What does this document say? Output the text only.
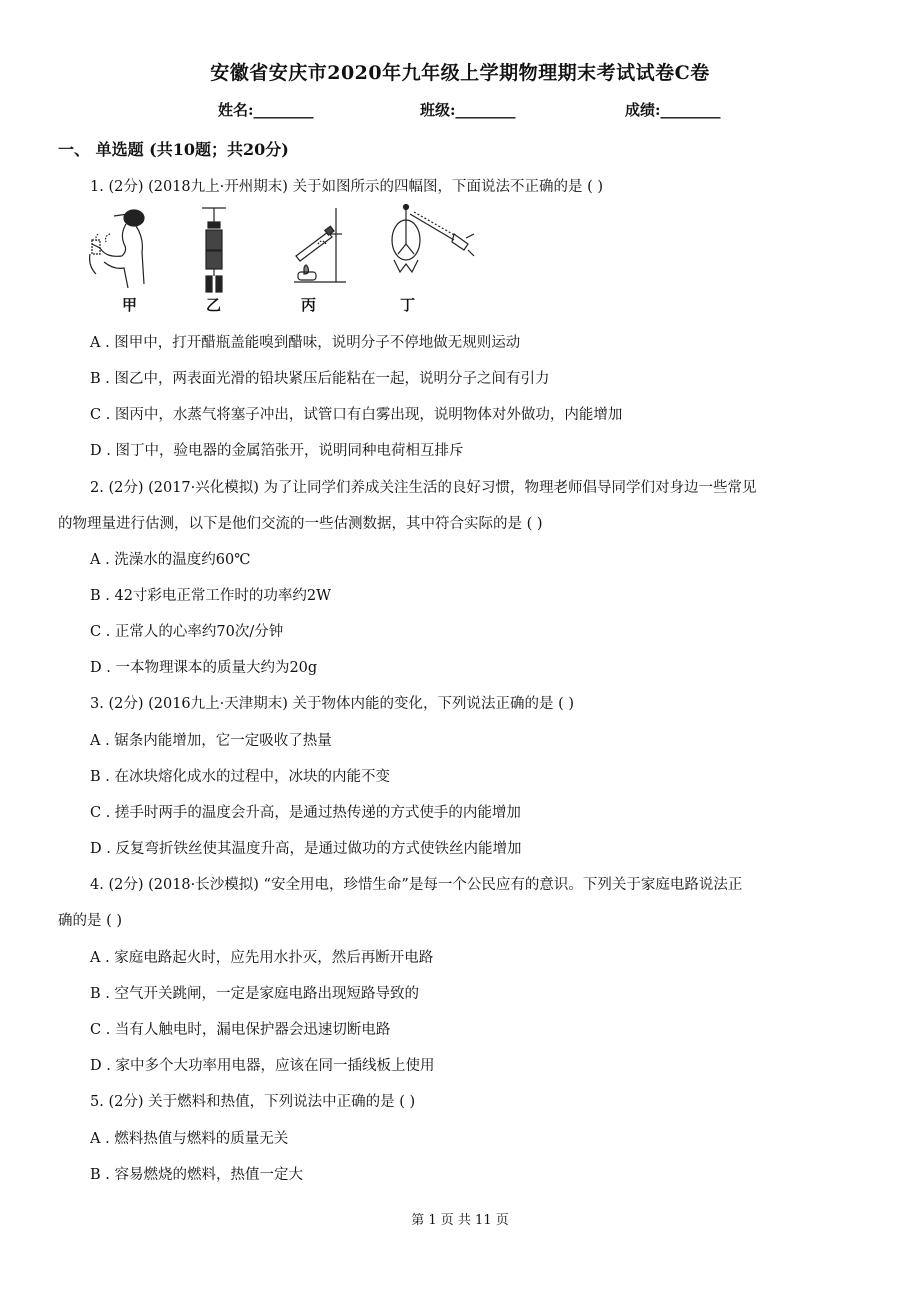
安徽省安庆市2020年九年级上学期物理期末考试试卷C卷
姓名:________	班级:________	成绩:________
一、 单选题 (共10题；共20分)
1. (2分) (2018九上·开州期末) 关于如图所示的四幅图，下面说法不正确的是 ( )
甲	乙	丙	丁
A . 图甲中，打开醋瓶盖能嗅到醋味，说明分子不停地做无规则运动
B . 图乙中，两表面光滑的铅块紧压后能粘在一起，说明分子之间有引力
C . 图丙中，水蒸气将塞子冲出，试管口有白雾出现，说明物体对外做功，内能增加
D . 图丁中，验电器的金属箔张开，说明同种电荷相互排斥
2. (2分) (2017·兴化模拟) 为了让同学们养成关注生活的良好习惯，物理老师倡导同学们对身边一些常见
的物理量进行估测，以下是他们交流的一些估测数据，其中符合实际的是 ( )
A . 洗澡水的温度约60℃
B . 42寸彩电正常工作时的功率约2W
C . 正常人的心率约70次/分钟
D . 一本物理课本的质量大约为20g
3. (2分) (2016九上·天津期末) 关于物体内能的变化，下列说法正确的是 ( )
A . 锯条内能增加，它一定吸收了热量
B . 在冰块熔化成水的过程中，冰块的内能不变
C . 搓手时两手的温度会升高，是通过热传递的方式使手的内能增加
D . 反复弯折铁丝使其温度升高，是通过做功的方式使铁丝内能增加
4. (2分) (2018·长沙模拟) “安全用电，珍惜生命”是每一个公民应有的意识。下列关于家庭电路说法正
确的是 ( )
A . 家庭电路起火时，应先用水扑灭，然后再断开电路
B . 空气开关跳闸，一定是家庭电路出现短路导致的
C . 当有人触电时，漏电保护器会迅速切断电路
D . 家中多个大功率用电器，应该在同一插线板上使用
5. (2分) 关于燃料和热值，下列说法中正确的是 ( )
A . 燃料热值与燃料的质量无关
B . 容易燃烧的燃料，热值一定大
第 1 页 共 11 页
